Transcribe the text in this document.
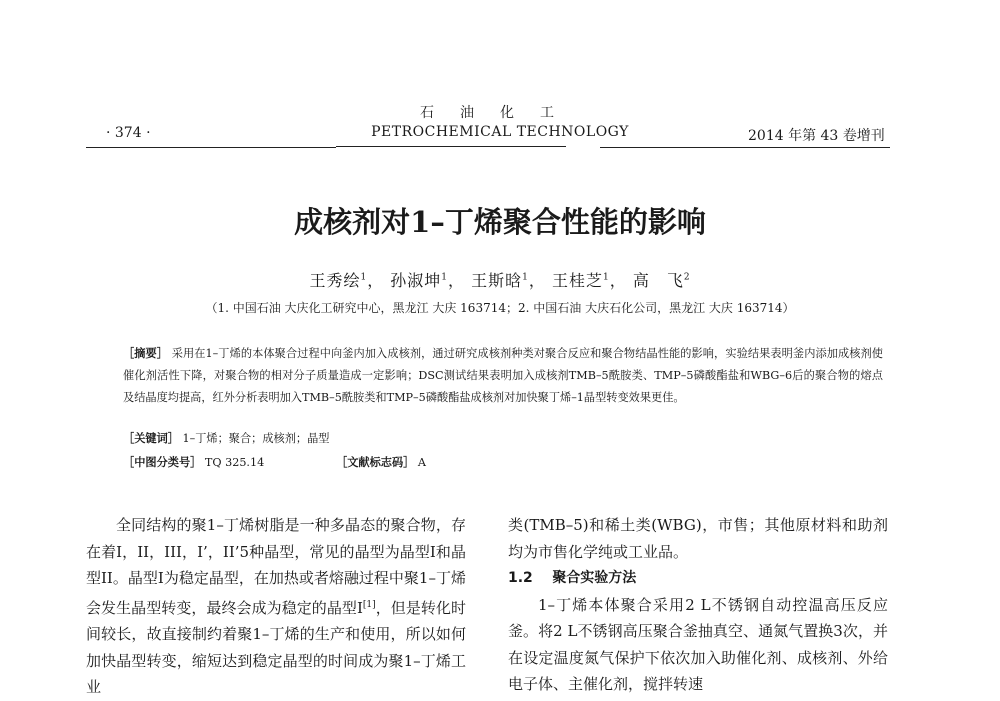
石油化工
PETROCHEMICAL TECHNOLOGY
· 374 ·	2014 年第 43 卷增刊
成核剂对1–丁烯聚合性能的影响
王秀绘$^1$， 孙淑坤$^1$， 王斯晗$^1$， 王桂芝$^1$， 高　飞$^2$
（1. 中国石油 大庆化工研究中心，黑龙江 大庆 163714；2. 中国石油 大庆石化公司，黑龙江 大庆 163714）
［摘要］ 采用在1–丁烯的本体聚合过程中向釜内加入成核剂，通过研究成核剂种类对聚合反应和聚合物结晶性能的影响，实验结果表明釜内添加成核剂使催化剂活性下降，对聚合物的相对分子质量造成一定影响；DSC测试结果表明加入成核剂TMB–5酰胺类、TMP–5磷酸酯盐和WBG–6后的聚合物的熔点及结晶度均提高，红外分析表明加入TMB–5酰胺类和TMP–5磷酸酯盐成核剂对加快聚丁烯–1晶型转变效果更佳。
［关键词］ 1–丁烯；聚合；成核剂；晶型
［中图分类号］ TQ 325.14	［文献标志码］ A

全同结构的聚1–丁烯树脂是一种多晶态的聚合物，存在着I，II，III，I’，II’5种晶型，常见的晶型为晶型I和晶型II。晶型I为稳定晶型，在加热或者熔融过程中聚1–丁烯会发生晶型转变，最终会成为稳定的晶型I[1]，但是转化时间较长，故直接制约着聚1–丁烯的生产和使用，所以如何加快晶型转变，缩短达到稳定晶型的时间成为聚1–丁烯工业

类(TMB–5)和稀土类(WBG)，市售；其他原材料和助剂均为市售化学纯或工业品。

1.2 聚合实验方法

1–丁烯本体聚合采用2 L不锈钢自动控温高压反应釜。将2 L不锈钢高压聚合釜抽真空、通氮气置换3次，并在设定温度氮气保护下依次加入助催化剂、成核剂、外给电子体、主催化剂，搅拌转速
